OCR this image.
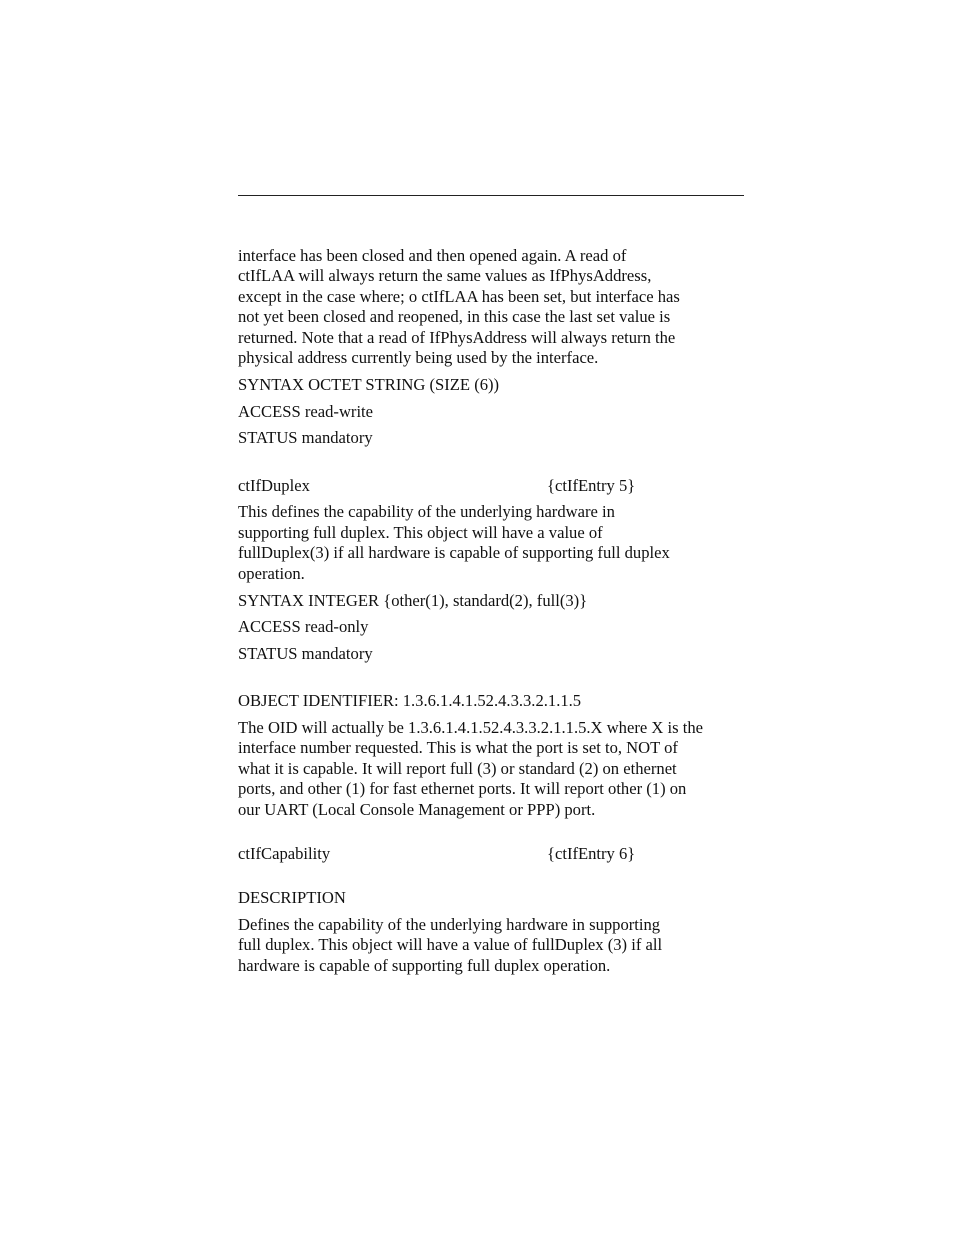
interface has been closed and then opened again. A read of
ctIfLAA will always return the same values as IfPhysAddress,
except in the case where; o ctIfLAA has been set, but interface has
not yet been closed and reopened, in this case the last set value is
returned. Note that a read of IfPhysAddress will always return the
physical address currently being used by the interface.

SYNTAX OCTET STRING (SIZE (6))
ACCESS read-write
STATUS mandatory
ctIfDuplex	{ctIfEntry 5}

This defines the capability of the underlying hardware in
supporting full duplex. This object will have a value of
fullDuplex(3) if all hardware is capable of supporting full duplex
operation.

SYNTAX INTEGER {other(1), standard(2), full(3)}
ACCESS read-only
STATUS mandatory

OBJECT IDENTIFIER: 1.3.6.1.4.1.52.4.3.3.2.1.1.5

The OID will actually be 1.3.6.1.4.1.52.4.3.3.2.1.1.5.X where X is the
interface number requested. This is what the port is set to, NOT of
what it is capable. It will report full (3) or standard (2) on ethernet
ports, and other (1) for fast ethernet ports. It will report other (1) on
our UART (Local Console Management or PPP) port.

ctIfCapability	{ctIfEntry 6}

DESCRIPTION

Defines the capability of the underlying hardware in supporting
full duplex. This object will have a value of fullDuplex (3) if all
hardware is capable of supporting full duplex operation.
